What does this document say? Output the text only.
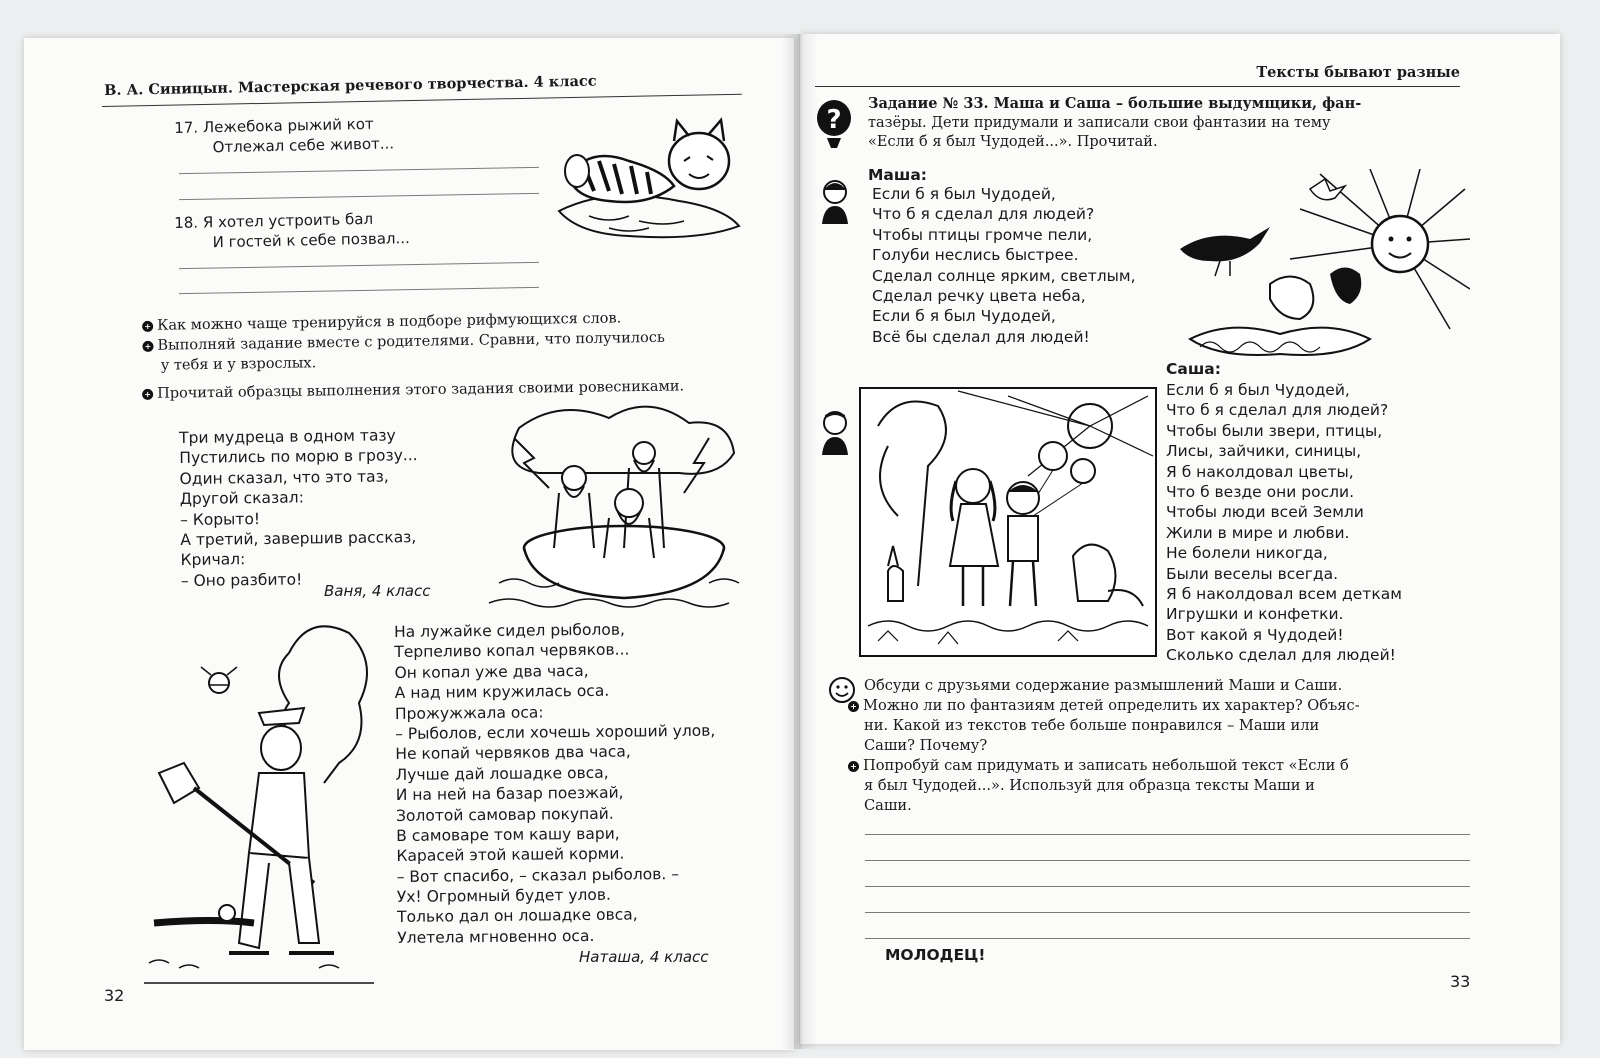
В. А. Синицын. Мастерская речевого творчества. 4 класс
17. Лежебока рыжий кот
Отлежал себе живот...
18. Я хотел устроить бал
И гостей к себе позвал...
+ Как можно чаще тренируйся в подборе рифмующихся слов.
+ Выполняй задание вместе с родителями. Сравни, что получилось
у тебя и у взрослых.
+ Прочитай образцы выполнения этого задания своими ровесниками.
Три мудреца в одном тазу
Пустились по морю в грозу...
Один сказал, что это таз,
Другой сказал:
– Корыто!
А третий, завершив рассказ,
Кричал:
– Оно разбито!
Ваня, 4 класс
На лужайке сидел рыболов,
Терпеливо копал червяков...
Он копал уже два часа,
А над ним кружилась оса.
Прожужжала оса:
– Рыболов, если хочешь хороший улов,
Не копай червяков два часа,
Лучше дай лошадке овса,
И на ней на базар поезжай,
Золотой самовар покупай.
В самоваре том кашу вари,
Карасей этой кашей корми.
– Вот спасибо, – сказал рыболов. –
Ух! Огромный будет улов.
Только дал он лошадке овса,
Улетела мгновенно оса.
Наташа, 4 класс
32
Тексты бывают разные
?
Задание № 33. Маша и Саша – большие выдумщики, фан-
тазёры. Дети придумали и записали свои фантазии на тему
«Если б я был Чудодей...». Прочитай.
Маша:
Если б я был Чудодей,
Что б я сделал для людей?
Чтобы птицы громче пели,
Голуби неслись быстрее.
Сделал солнце ярким, светлым,
Сделал речку цвета неба,
Если б я был Чудодей,
Всё бы сделал для людей!
Саша:
Если б я был Чудодей,
Что б я сделал для людей?
Чтобы были звери, птицы,
Лисы, зайчики, синицы,
Я б наколдовал цветы,
Что б везде они росли.
Чтобы люди всей Земли
Жили в мире и любви.
Не болели никогда,
Были веселы всегда.
Я б наколдовал всем деткам
Игрушки и конфетки.
Вот какой я Чудодей!
Сколько сделал для людей!
Обсуди с друзьями содержание размышлений Маши и Саши.
+ Можно ли по фантазиям детей определить их характер? Объяс-
ни. Какой из текстов тебе больше понравился – Маши или
Саши? Почему?
+ Попробуй сам придумать и записать небольшой текст «Если б
я был Чудодей...». Используй для образца тексты Маши и
Саши.
МОЛОДЕЦ!
33
